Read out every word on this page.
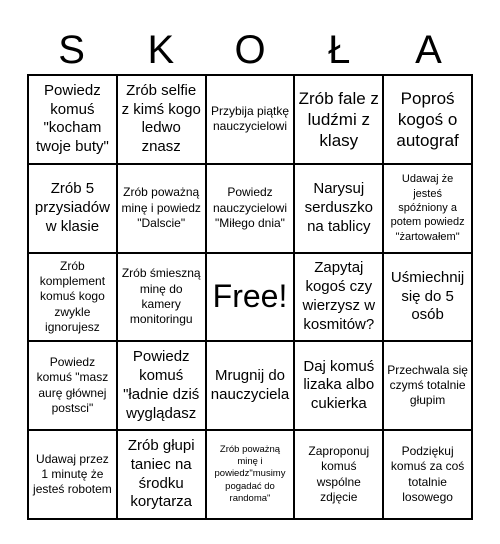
S	K	O	Ł	A
Powiedz komuś "kocham twoje buty"
Zrób selfie z kimś kogo ledwo znasz
Przybija piątkę nauczycielowi
Zrób fale z ludźmi z klasy
Poproś kogoś o autograf
Zrób 5 przysiadów w klasie
Zrób poważną minę i powiedz "Dalscie"
Powiedz nauczycielowi "Miłego dnia"
Narysuj serduszko na tablicy
Udawaj że jesteś spóźniony a potem powiedz "żartowałem"
Zrób komplement komuś kogo zwykle ignorujesz
Zrób śmieszną minę do kamery monitoringu
Free!
Zapytaj kogoś czy wierzysz w kosmitów?
Uśmiechnij się do 5 osób
Powiedz komuś "masz aurę głównej postsci"
Powiedz komuś "ładnie dziś wyglądasz
Mrugnij do nauczyciela
Daj komuś lizaka albo cukierka
Przechwala się czymś totalnie głupim
Udawaj przez 1 minutę że jesteś robotem
Zrób głupi taniec na środku korytarza
Zrób poważną minę i powiedz"musimy pogadać do randoma"
Zaproponuj komuś wspólne zdjęcie
Podziękuj komuś za coś totalnie losowego
